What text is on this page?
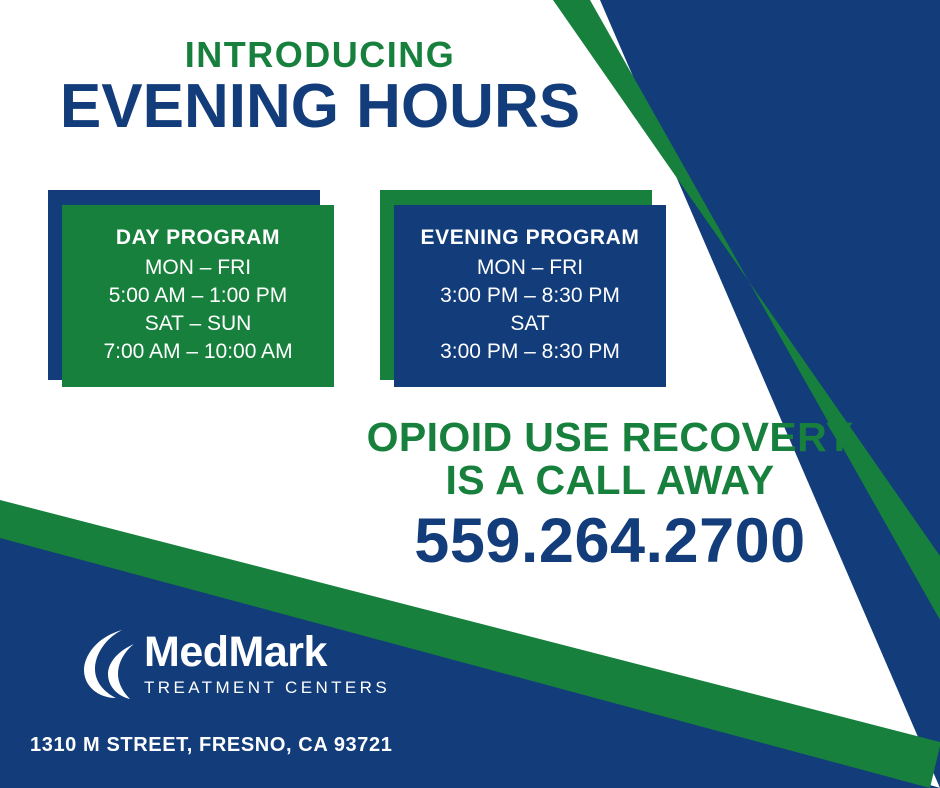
INTRODUCING
EVENING HOURS
DAY PROGRAM
MON – FRI
5:00 AM – 1:00 PM
SAT – SUN
7:00 AM – 10:00 AM
EVENING PROGRAM
MON – FRI
3:00 PM – 8:30 PM
SAT
3:00 PM – 8:30 PM
OPIOID USE RECOVERY
IS A CALL AWAY
559.264.2700
MedMark
TREATMENT CENTERS
1310 M STREET, FRESNO, CA 93721
